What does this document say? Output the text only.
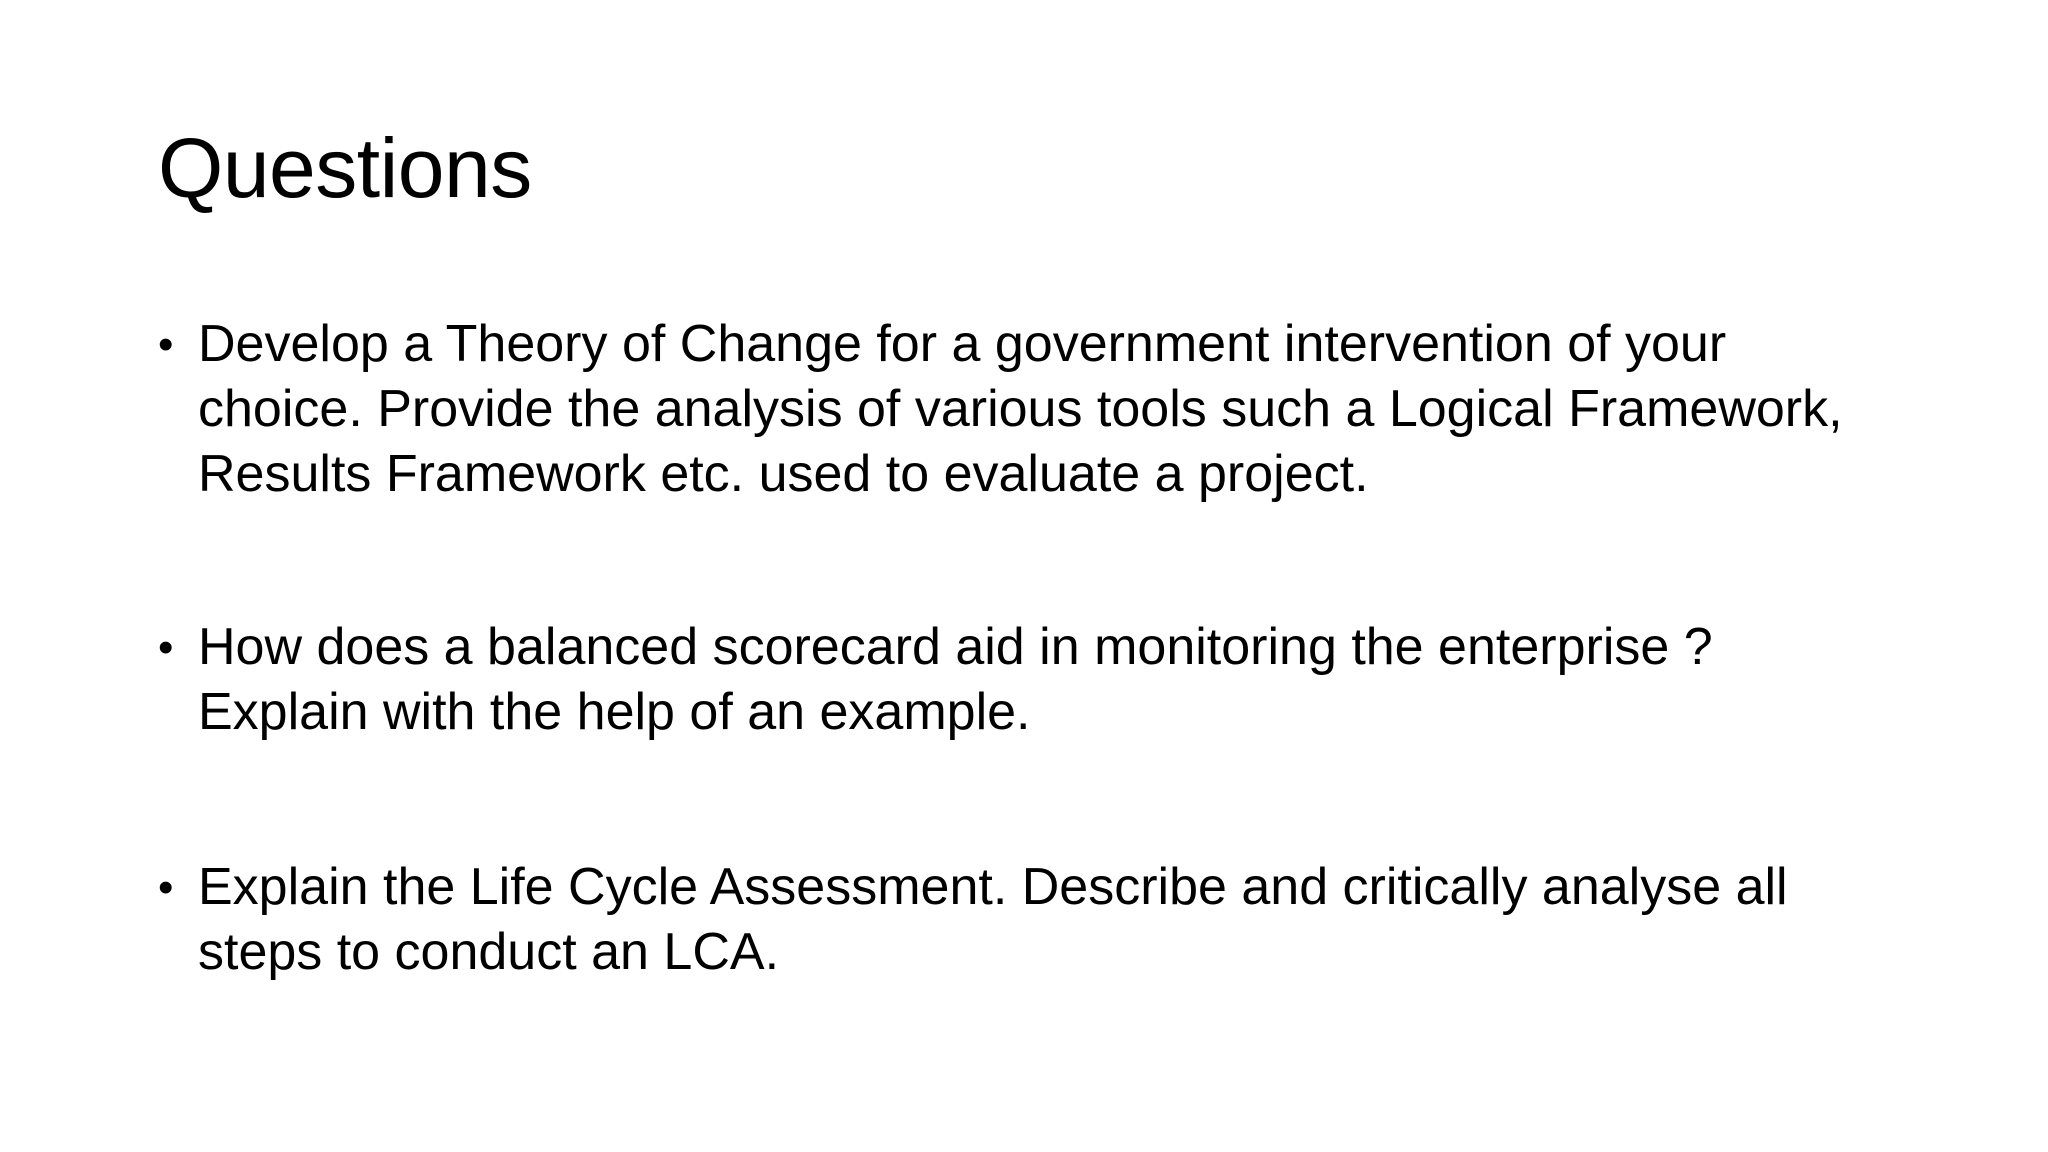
Questions
• Develop a Theory of Change for a government intervention of your choice. Provide the analysis of various tools such a Logical Framework, Results Framework etc. used to evaluate a project.
• How does a balanced scorecard aid in monitoring the enterprise ? Explain with the help of an example.
• Explain the Life Cycle Assessment. Describe and critically analyse all steps to conduct an LCA.
